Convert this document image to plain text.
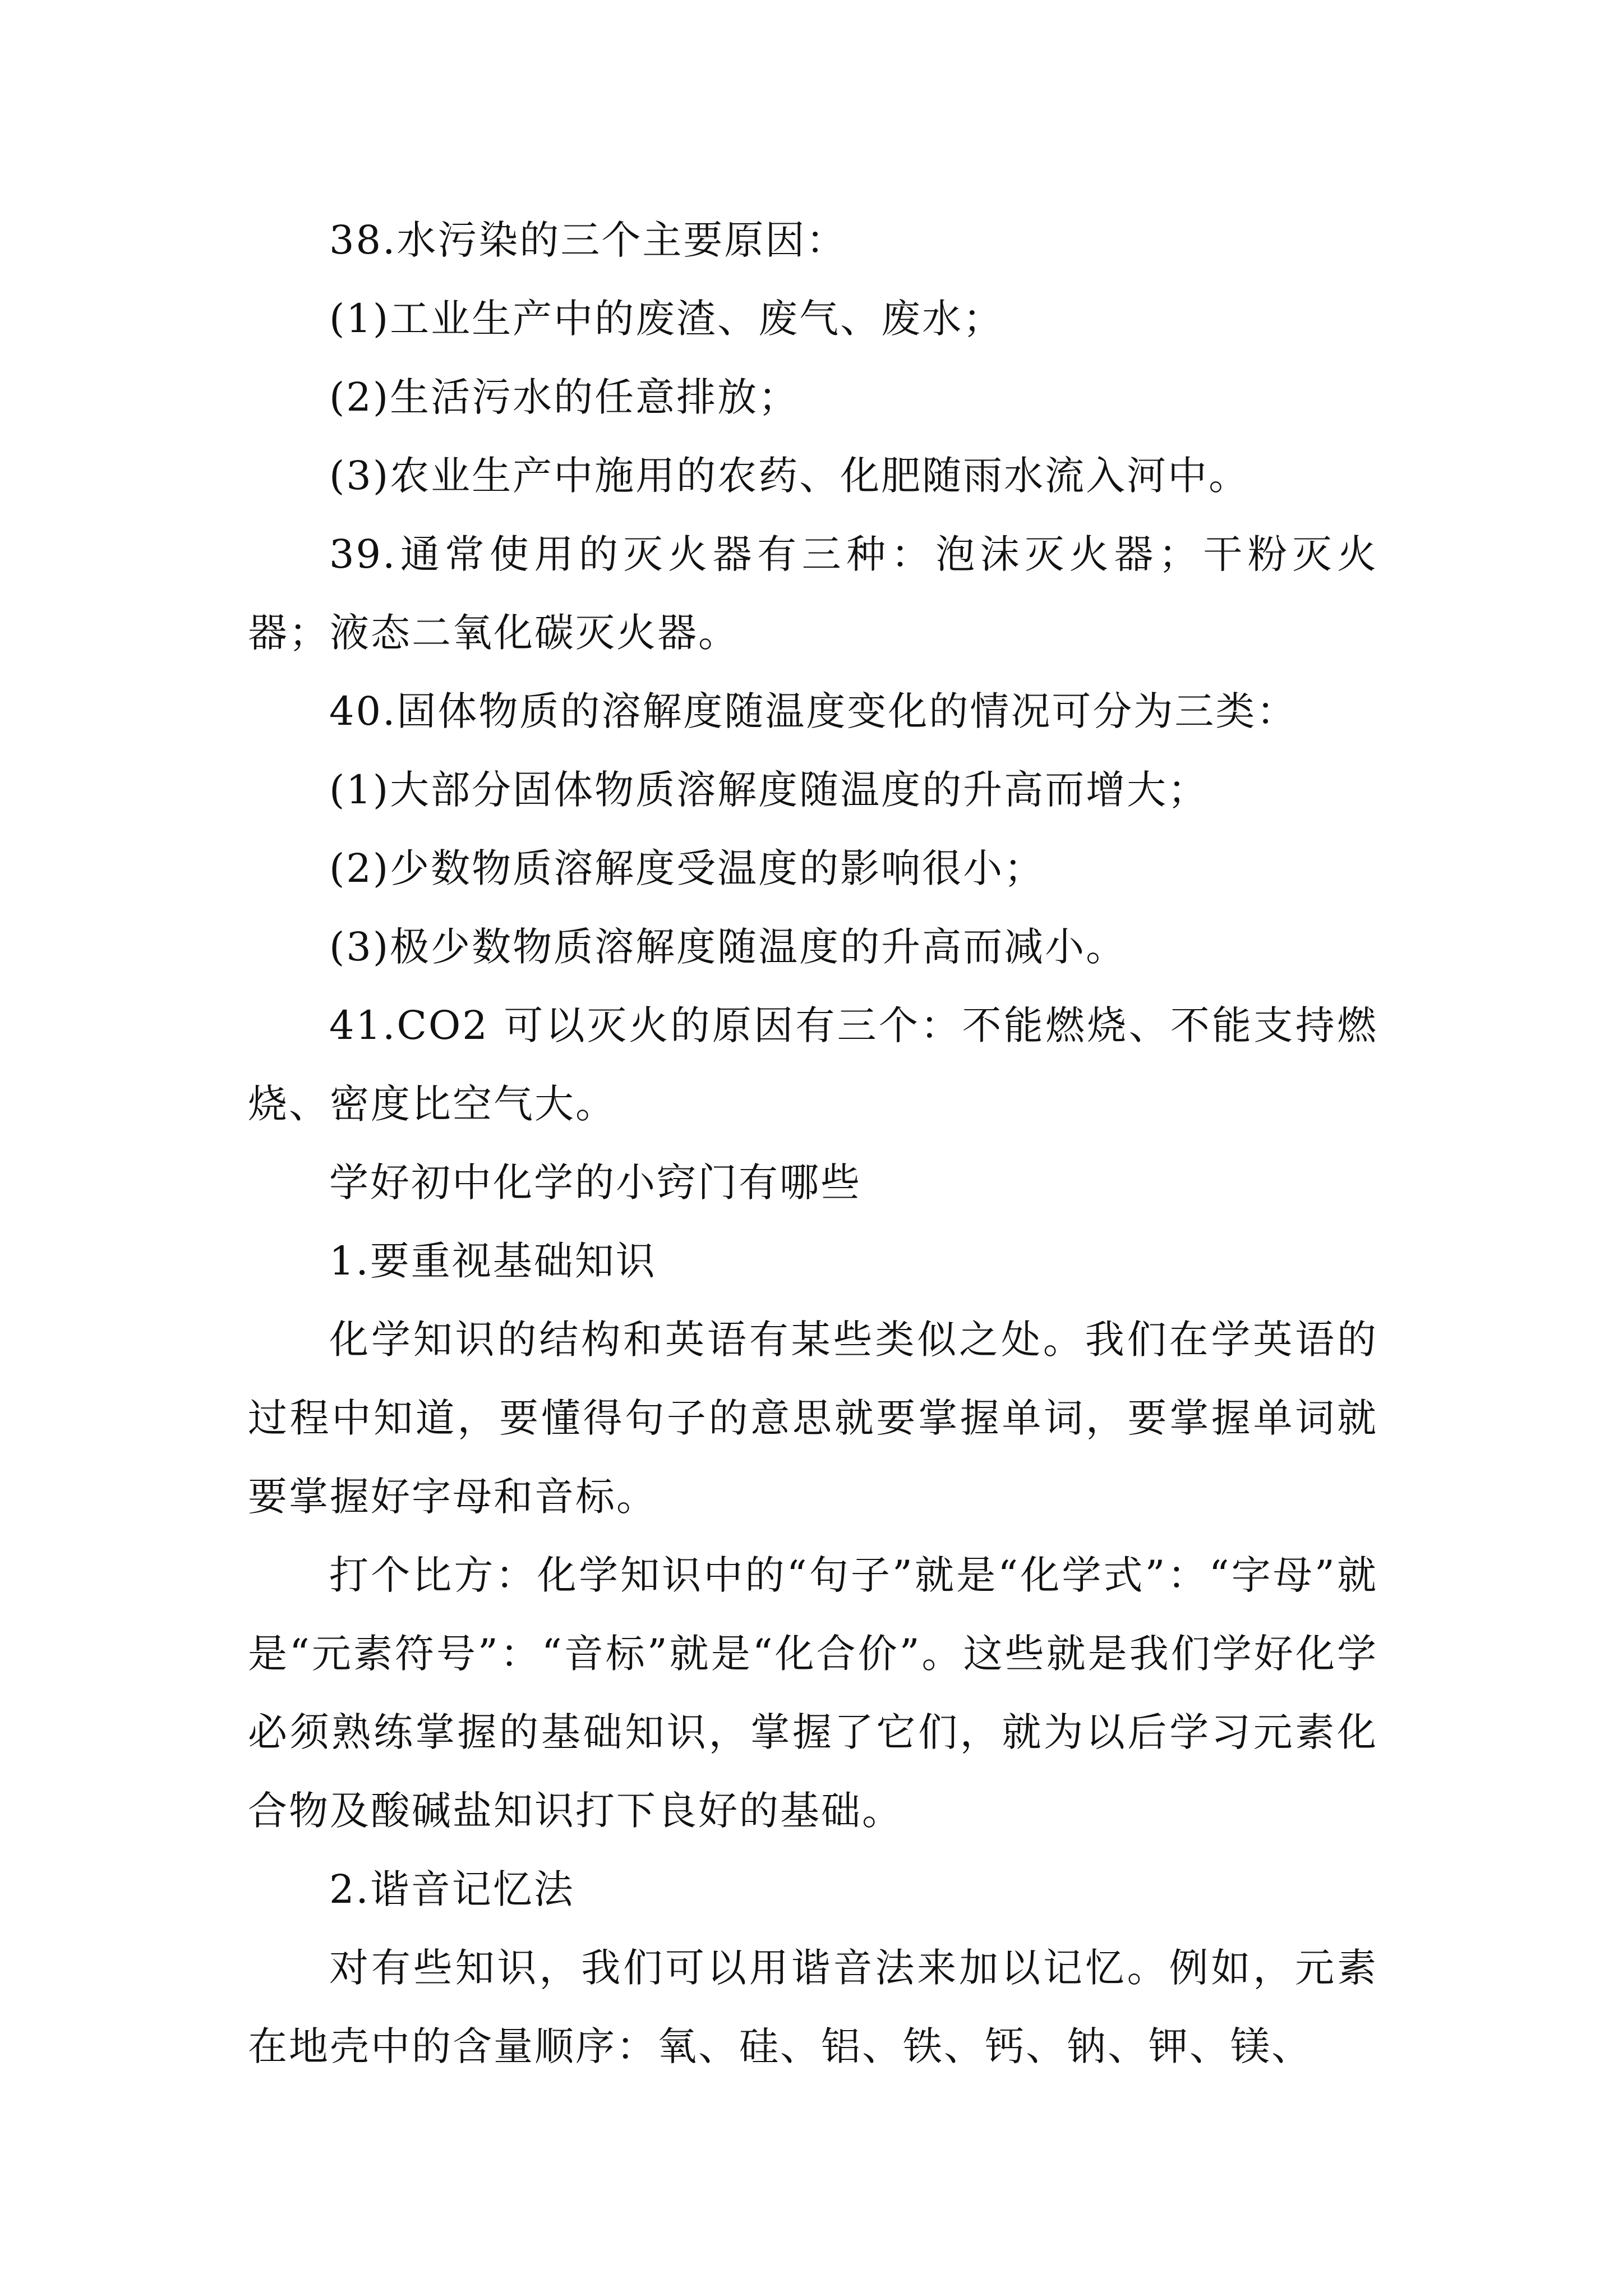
38.水污染的三个主要原因：
(1)工业生产中的废渣、废气、废水；
(2)生活污水的任意排放；
(3)农业生产中施用的农药、化肥随雨水流入河中。
39.通常使用的灭火器有三种：泡沫灭火器；干粉灭火器；液态二氧化碳灭火器。
40.固体物质的溶解度随温度变化的情况可分为三类：
(1)大部分固体物质溶解度随温度的升高而增大；
(2)少数物质溶解度受温度的影响很小；
(3)极少数物质溶解度随温度的升高而减小。
41.CO2 可以灭火的原因有三个：不能燃烧、不能支持燃烧、密度比空气大。
学好初中化学的小窍门有哪些
1.要重视基础知识
化学知识的结构和英语有某些类似之处。我们在学英语的过程中知道，要懂得句子的意思就要掌握单词，要掌握单词就要掌握好字母和音标。
打个比方：化学知识中的“句子”就是“化学式”：“字母”就是“元素符号”：“音标”就是“化合价”。这些就是我们学好化学必须熟练掌握的基础知识，掌握了它们，就为以后学习元素化合物及酸碱盐知识打下良好的基础。
2.谐音记忆法
对有些知识，我们可以用谐音法来加以记忆。例如，元素在地壳中的含量顺序：氧、硅、铝、铁、钙、钠、钾、镁、
